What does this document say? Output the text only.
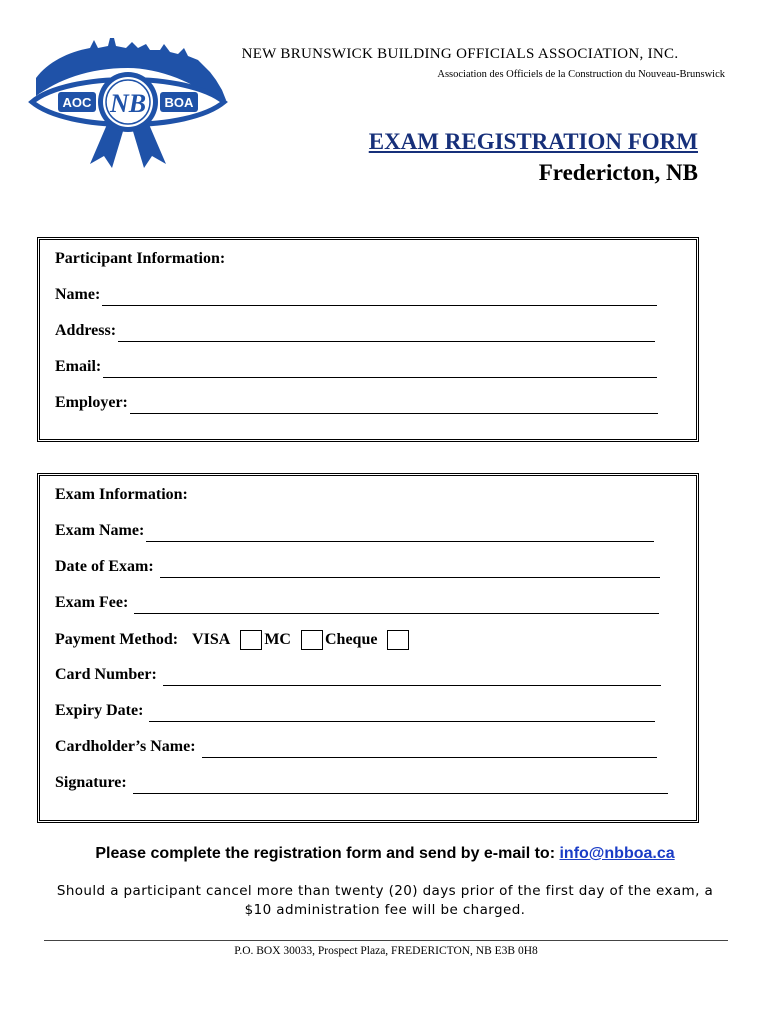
AOC	BOA
NB
NEW BRUNSWICK BUILDING OFFICIALS ASSOCIATION, INC.
Association des Officiels de la Construction du Nouveau-Brunswick
EXAM REGISTRATION FORM
Fredericton, NB
Participant Information:
Name:
Address:
Email:
Employer:
Exam Information:
Exam Name:
Date of Exam:
Exam Fee:
Payment Method: VISA MC Cheque
Card Number:
Expiry Date:
Cardholder’s Name:
Signature:
Please complete the registration form and send by e-mail to: info@nbboa.ca
Should a participant cancel more than twenty (20) days prior of the first day of the exam, a $10 administration fee will be charged.
P.O. BOX 30033, Prospect Plaza, FREDERICTON, NB E3B 0H8
